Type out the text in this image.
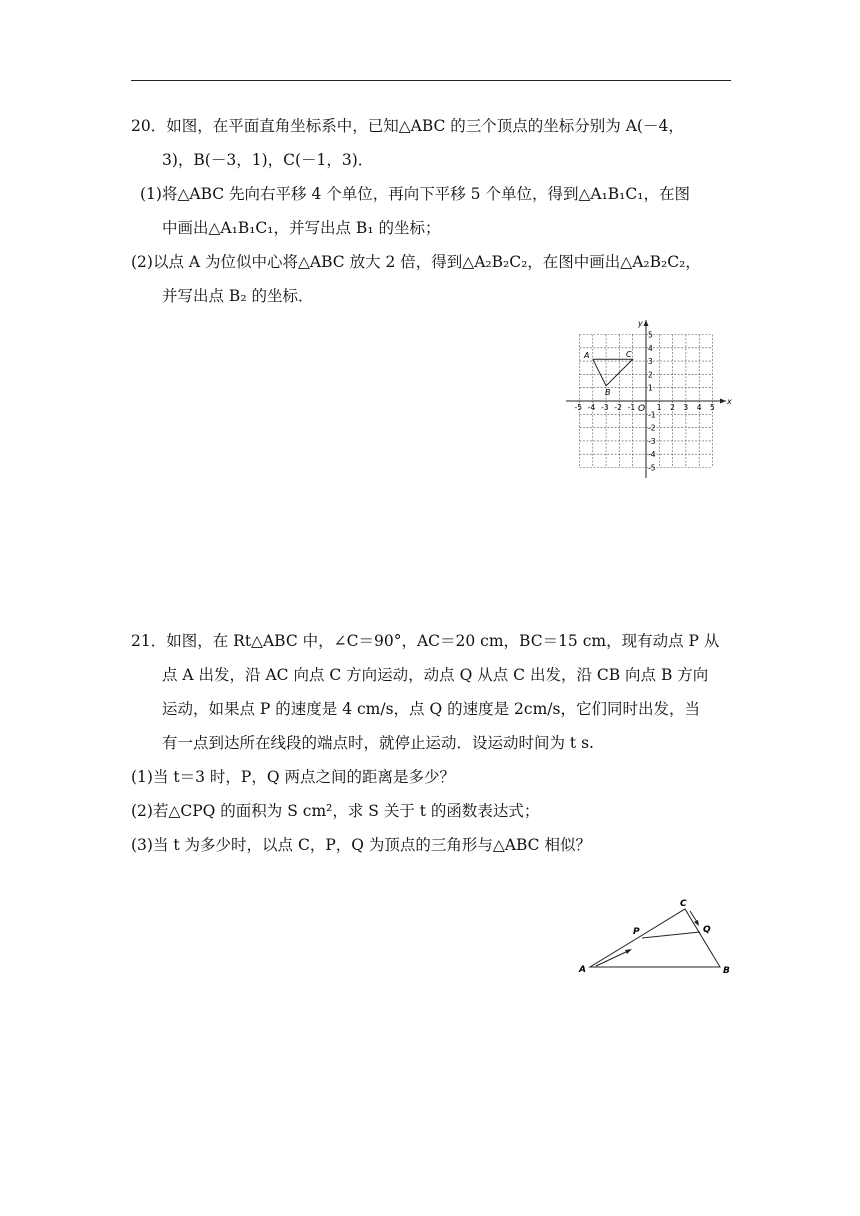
20．如图，在平面直角坐标系中，已知△ABC 的三个顶点的坐标分别为 A(－4，
3)，B(－3，1)，C(－1，3)．
(1)将△ABC 先向右平移 4 个单位，再向下平移 5 个单位，得到△A₁B₁C₁，在图
中画出△A₁B₁C₁，并写出点 B₁ 的坐标；
(2)以点 A 为位似中心将△ABC 放大 2 倍，得到△A₂B₂C₂，在图中画出△A₂B₂C₂，
并写出点 B₂ 的坐标．
x
y
O
-5 -4 -3 -2 -1	1 2 3 4 5
5
4
3
2
1
-1
-2
-3
-4
-5
A
B
C
21．如图，在 Rt△ABC 中，∠C＝90°，AC＝20 cm，BC＝15 cm，现有动点 P 从
点 A 出发，沿 AC 向点 C 方向运动，动点 Q 从点 C 出发，沿 CB 向点 B 方向
运动，如果点 P 的速度是 4 cm/s，点 Q 的速度是 2cm/s，它们同时出发，当
有一点到达所在线段的端点时，就停止运动．设运动时间为 t s.
(1)当 t＝3 时，P，Q 两点之间的距离是多少？
(2)若△CPQ 的面积为 S cm²，求 S 关于 t 的函数表达式；
(3)当 t 为多少时，以点 C，P，Q 为顶点的三角形与△ABC 相似？
A	B
C
P	Q
